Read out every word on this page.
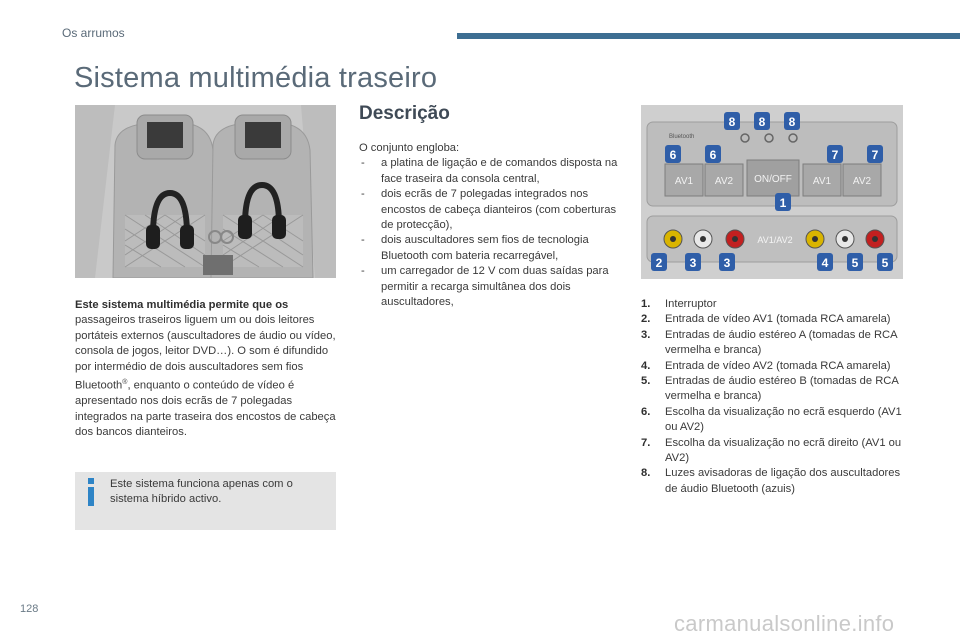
Os arrumos
Sistema multimédia traseiro
Bluetooth
AV1 AV2 ON/OFF AV1 AV2
AV1/AV2
8 8 8
6	6	7	7
1
2 3 3	4 5 5
Descrição
O conjunto engloba:
- a platina de ligação e de comandos disposta na face traseira da consola central,
- dois ecrãs de 7 polegadas integrados nos encostos de cabeça dianteiros (com coberturas de protecção),
- dois auscultadores sem fios de tecnologia Bluetooth com bateria recarregável,
- um carregador de 12 V com duas saídas para permitir a recarga simultânea dos dois auscultadores,
Este sistema multimédia permite que os passageiros traseiros liguem um ou dois leitores portáteis externos (auscultadores de áudio ou vídeo, consola de jogos, leitor DVD…). O som é difundido por intermédio de dois auscultadores sem fios Bluetooth®, enquanto o conteúdo de vídeo é apresentado nos dois ecrãs de 7 polegadas integrados na parte traseira dos encostos de cabeça dos bancos dianteiros.
Este sistema funciona apenas com o sistema híbrido activo.
1. Interruptor
2. Entrada de vídeo AV1 (tomada RCA amarela)
3. Entradas de áudio estéreo A (tomadas de RCA vermelha e branca)
4. Entrada de vídeo AV2 (tomada RCA amarela)
5. Entradas de áudio estéreo B (tomadas de RCA vermelha e branca)
6. Escolha da visualização no ecrã esquerdo (AV1 ou AV2)
7. Escolha da visualização no ecrã direito (AV1 ou AV2)
8. Luzes avisadoras de ligação dos auscultadores de áudio Bluetooth (azuis)
128
carmanualsonline.info
